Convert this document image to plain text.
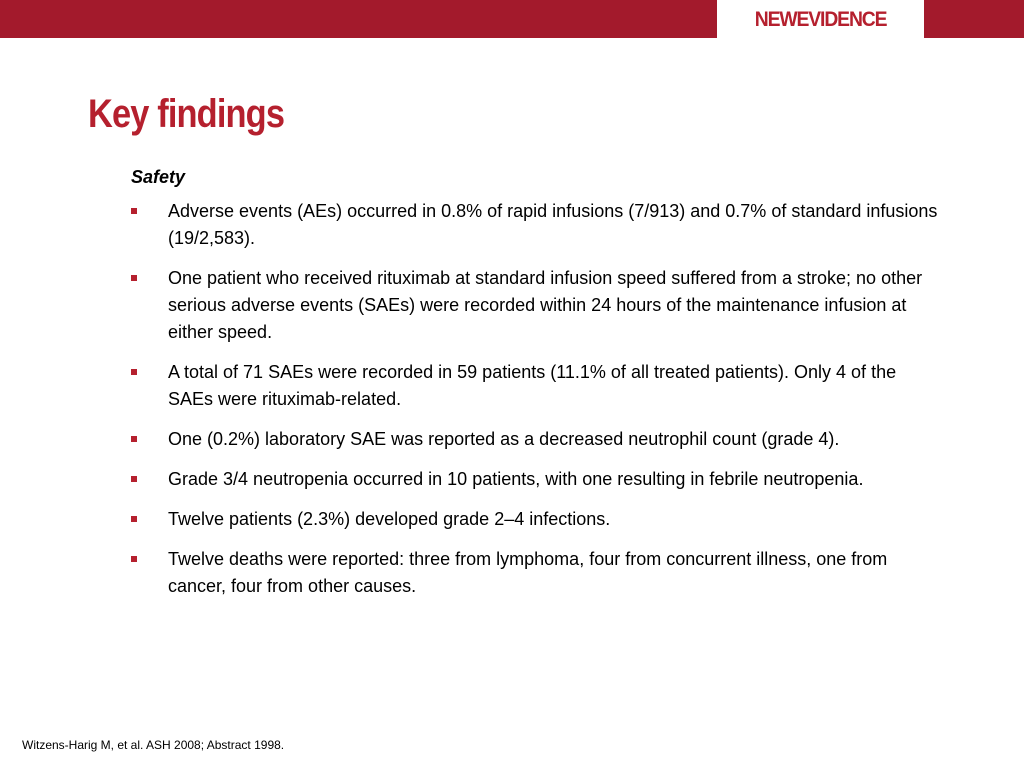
NEWEVIDENCE
Key findings
Safety
Adverse events (AEs) occurred in 0.8% of rapid infusions (7/913) and 0.7% of standard infusions (19/2,583).
One patient who received rituximab at standard infusion speed suffered from a stroke; no other serious adverse events (SAEs) were recorded within 24 hours of the maintenance infusion at either speed.
A total of 71 SAEs were recorded in 59 patients (11.1% of all treated patients). Only 4 of the SAEs were rituximab-related.
One (0.2%) laboratory SAE was reported as a decreased neutrophil count (grade 4).
Grade 3/4 neutropenia occurred in 10 patients, with one resulting in febrile neutropenia.
Twelve patients (2.3%) developed grade 2–4 infections.
Twelve deaths were reported: three from lymphoma, four from concurrent illness, one from cancer, four from other causes.
Witzens-Harig M, et al. ASH 2008; Abstract 1998.
